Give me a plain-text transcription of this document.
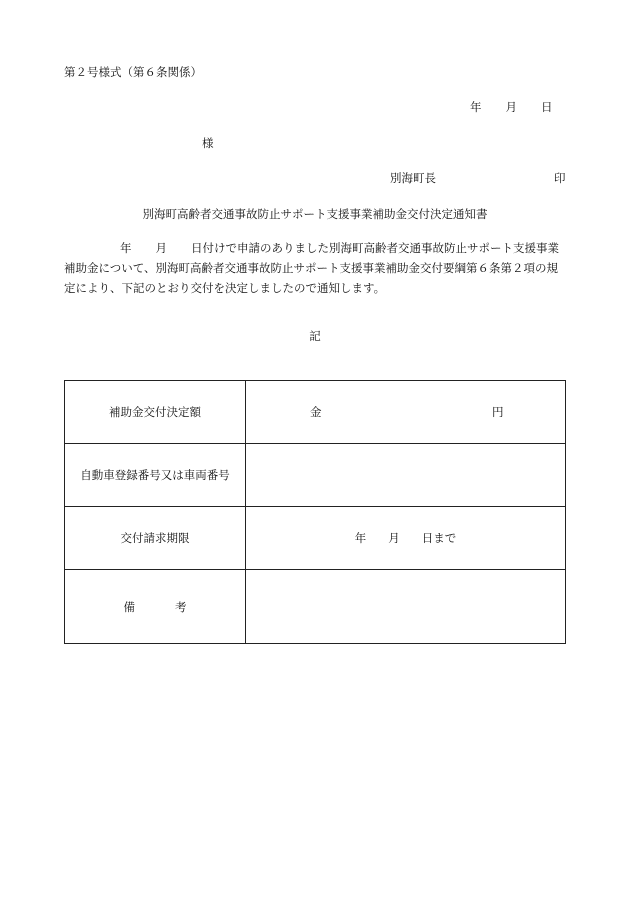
第２号様式（第６条関係）
年 月 日
様
別海町長	印
別海町高齢者交通事故防止サポート支援事業補助金交付決定通知書
年 月 日付けで申請のありました別海町高齢者交通事故防止サポート支援事業
補助金について、別海町高齢者交通事故防止サポート支援事業補助金交付要綱第６条第２項の規
定により、下記のとおり交付を決定しましたので通知します。
記
補助金交付決定額	金 円

自動車登録番号又は車両番号	
交付請求期限	年 月 日まで
備 考	
